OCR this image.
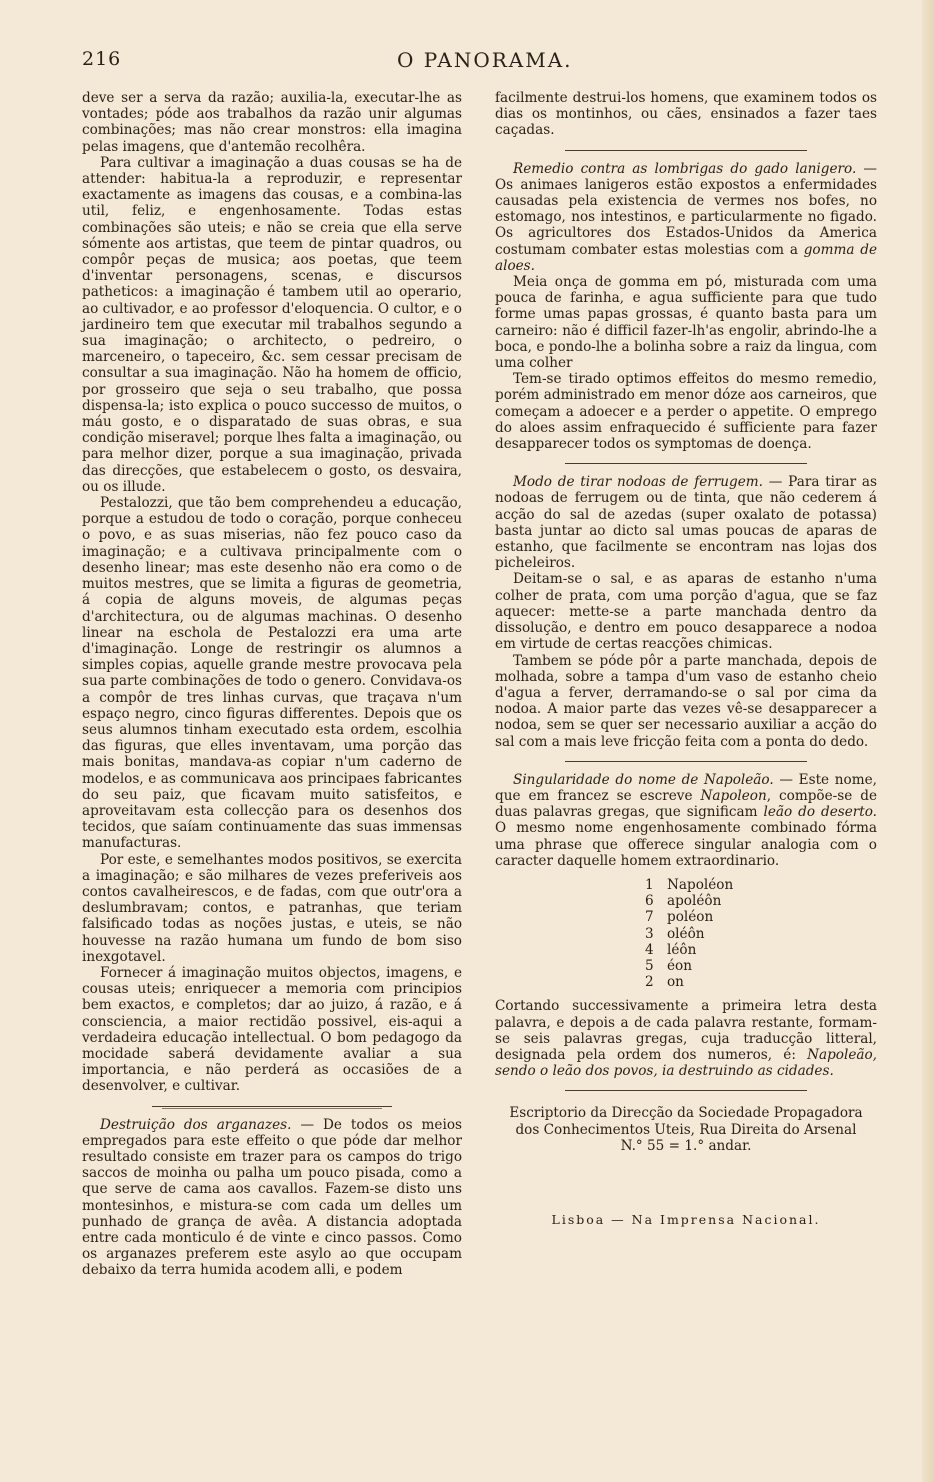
216	O PANORAMA.

deve ser a serva da razão; auxilia-la, executar-lhe as vontades; póde aos trabalhos da razão unir algumas combinações; mas não crear monstros: ella imagina pelas imagens, que d'antemão recolhêra.

Para cultivar a imaginação a duas cousas se ha de attender: habitua-la a reproduzir, e representar exactamente as imagens das cousas, e a combina-las util, feliz, e engenhosamente. Todas estas combinações são uteis; e não se creia que ella serve sómente aos artistas, que teem de pintar quadros, ou compôr peças de musica; aos poetas, que teem d'inventar personagens, scenas, e discursos patheticos: a imaginação é tambem util ao operario, ao cultivador, e ao professor d'eloquencia. O cultor, e o jardineiro tem que executar mil trabalhos segundo a sua imaginação; o architecto, o pedreiro, o marceneiro, o tapeceiro, &c. sem cessar precisam de consultar a sua imaginação. Não ha homem de officio, por grosseiro que seja o seu trabalho, que possa dispensa-la; isto explica o pouco successo de muitos, o máu gosto, e o disparatado de suas obras, e sua condição miseravel; porque lhes falta a imaginação, ou para melhor dizer, porque a sua imaginação, privada das direcções, que estabelecem o gosto, os desvaira, ou os illude.

Pestalozzi, que tão bem comprehendeu a educação, porque a estudou de todo o coração, porque conheceu o povo, e as suas miserias, não fez pouco caso da imaginação; e a cultivava principalmente com o desenho linear; mas este desenho não era como o de muitos mestres, que se limita a figuras de geometria, á copia de alguns moveis, de algumas peças d'architectura, ou de algumas machinas. O desenho linear na eschola de Pestalozzi era uma arte d'imaginação. Longe de restringir os alumnos a simples copias, aquelle grande mestre provocava pela sua parte combinações de todo o genero. Convidava-os a compôr de tres linhas curvas, que traçava n'um espaço negro, cinco figuras differentes. Depois que os seus alumnos tinham executado esta ordem, escolhia das figuras, que elles inventavam, uma porção das mais bonitas, mandava-as copiar n'um caderno de modelos, e as communicava aos principaes fabricantes do seu paiz, que ficavam muito satisfeitos, e aproveitavam esta collecção para os desenhos dos tecidos, que saíam continuamente das suas immensas manufacturas.

Por este, e semelhantes modos positivos, se exercita a imaginação; e são milhares de vezes preferiveis aos contos cavalheirescos, e de fadas, com que outr'ora a deslumbravam; contos, e patranhas, que teriam falsificado todas as noções justas, e uteis, se não houvesse na razão humana um fundo de bom siso inexgotavel.

Fornecer á imaginação muitos objectos, imagens, e cousas uteis; enriquecer a memoria com principios bem exactos, e completos; dar ao juizo, á razão, e á consciencia, a maior rectidão possivel, eis-aqui a verdadeira educação intellectual. O bom pedagogo da mocidade saberá devidamente avaliar a sua importancia, e não perderá as occasiões de a desenvolver, e cultivar.

Destruição dos arganazes. — De todos os meios empregados para este effeito o que póde dar melhor resultado consiste em trazer para os campos do trigo saccos de moinha ou palha um pouco pisada, como a que serve de cama aos cavallos. Fazem-se disto uns montesinhos, e mistura-se com cada um delles um punhado de grança de avêa. A distancia adoptada entre cada monticulo é de vinte e cinco passos. Como os arganazes preferem este asylo ao que occupam debaixo da terra humida acodem alli, e podem

facilmente destrui-los homens, que examinem todos os dias os montinhos, ou cães, ensinados a fazer taes caçadas.

Remedio contra as lombrigas do gado lanigero. — Os animaes lanigeros estão expostos a enfermidades causadas pela existencia de vermes nos bofes, no estomago, nos intestinos, e particularmente no figado. Os agricultores dos Estados-Unidos da America costumam combater estas molestias com a gomma de aloes.

Meia onça de gomma em pó, misturada com uma pouca de farinha, e agua sufficiente para que tudo forme umas papas grossas, é quanto basta para um carneiro: não é difficil fazer-lh'as engolir, abrindo-lhe a boca, e pondo-lhe a bolinha sobre a raiz da lingua, com uma colher

Tem-se tirado optimos effeitos do mesmo remedio, porém administrado em menor dóze aos carneiros, que começam a adoecer e a perder o appetite. O emprego do aloes assim enfraquecido é sufficiente para fazer desapparecer todos os symptomas de doença.

Modo de tirar nodoas de ferrugem. — Para tirar as nodoas de ferrugem ou de tinta, que não cederem á acção do sal de azedas (super oxalato de potassa) basta juntar ao dicto sal umas poucas de aparas de estanho, que facilmente se encontram nas lojas dos picheleiros.

Deitam-se o sal, e as aparas de estanho n'uma colher de prata, com uma porção d'agua, que se faz aquecer: mette-se a parte manchada dentro da dissolução, e dentro em pouco desapparece a nodoa em virtude de certas reacções chimicas.

Tambem se póde pôr a parte manchada, depois de molhada, sobre a tampa d'um vaso de estanho cheio d'agua a ferver, derramando-se o sal por cima da nodoa. A maior parte das vezes vê-se desapparecer a nodoa, sem se quer ser necessario auxiliar a acção do sal com a mais leve fricção feita com a ponta do dedo.

Singularidade do nome de Napoleão. — Este nome, que em francez se escreve Napoleon, compõe-se de duas palavras gregas, que significam leão do deserto. O mesmo nome engenhosamente combinado fórma uma phrase que offerece singular analogia com o caracter daquelle homem extraordinario.

1	Napoléon
6	apoléôn
7	poléon
3	oléôn
4	léôn
5	éon
2	on

Cortando successivamente a primeira letra desta palavra, e depois a de cada palavra restante, formam-se seis palavras gregas, cuja traducção litteral, designada pela ordem dos numeros, é: Napoleão, sendo o leão dos povos, ia destruindo as cidades.

Escriptorio da Direcção da Sociedade Propagadora
dos Conhecimentos Uteis, Rua Direita do Arsenal
N.° 55 = 1.° andar.
Lisboa — Na Imprensa Nacional.
